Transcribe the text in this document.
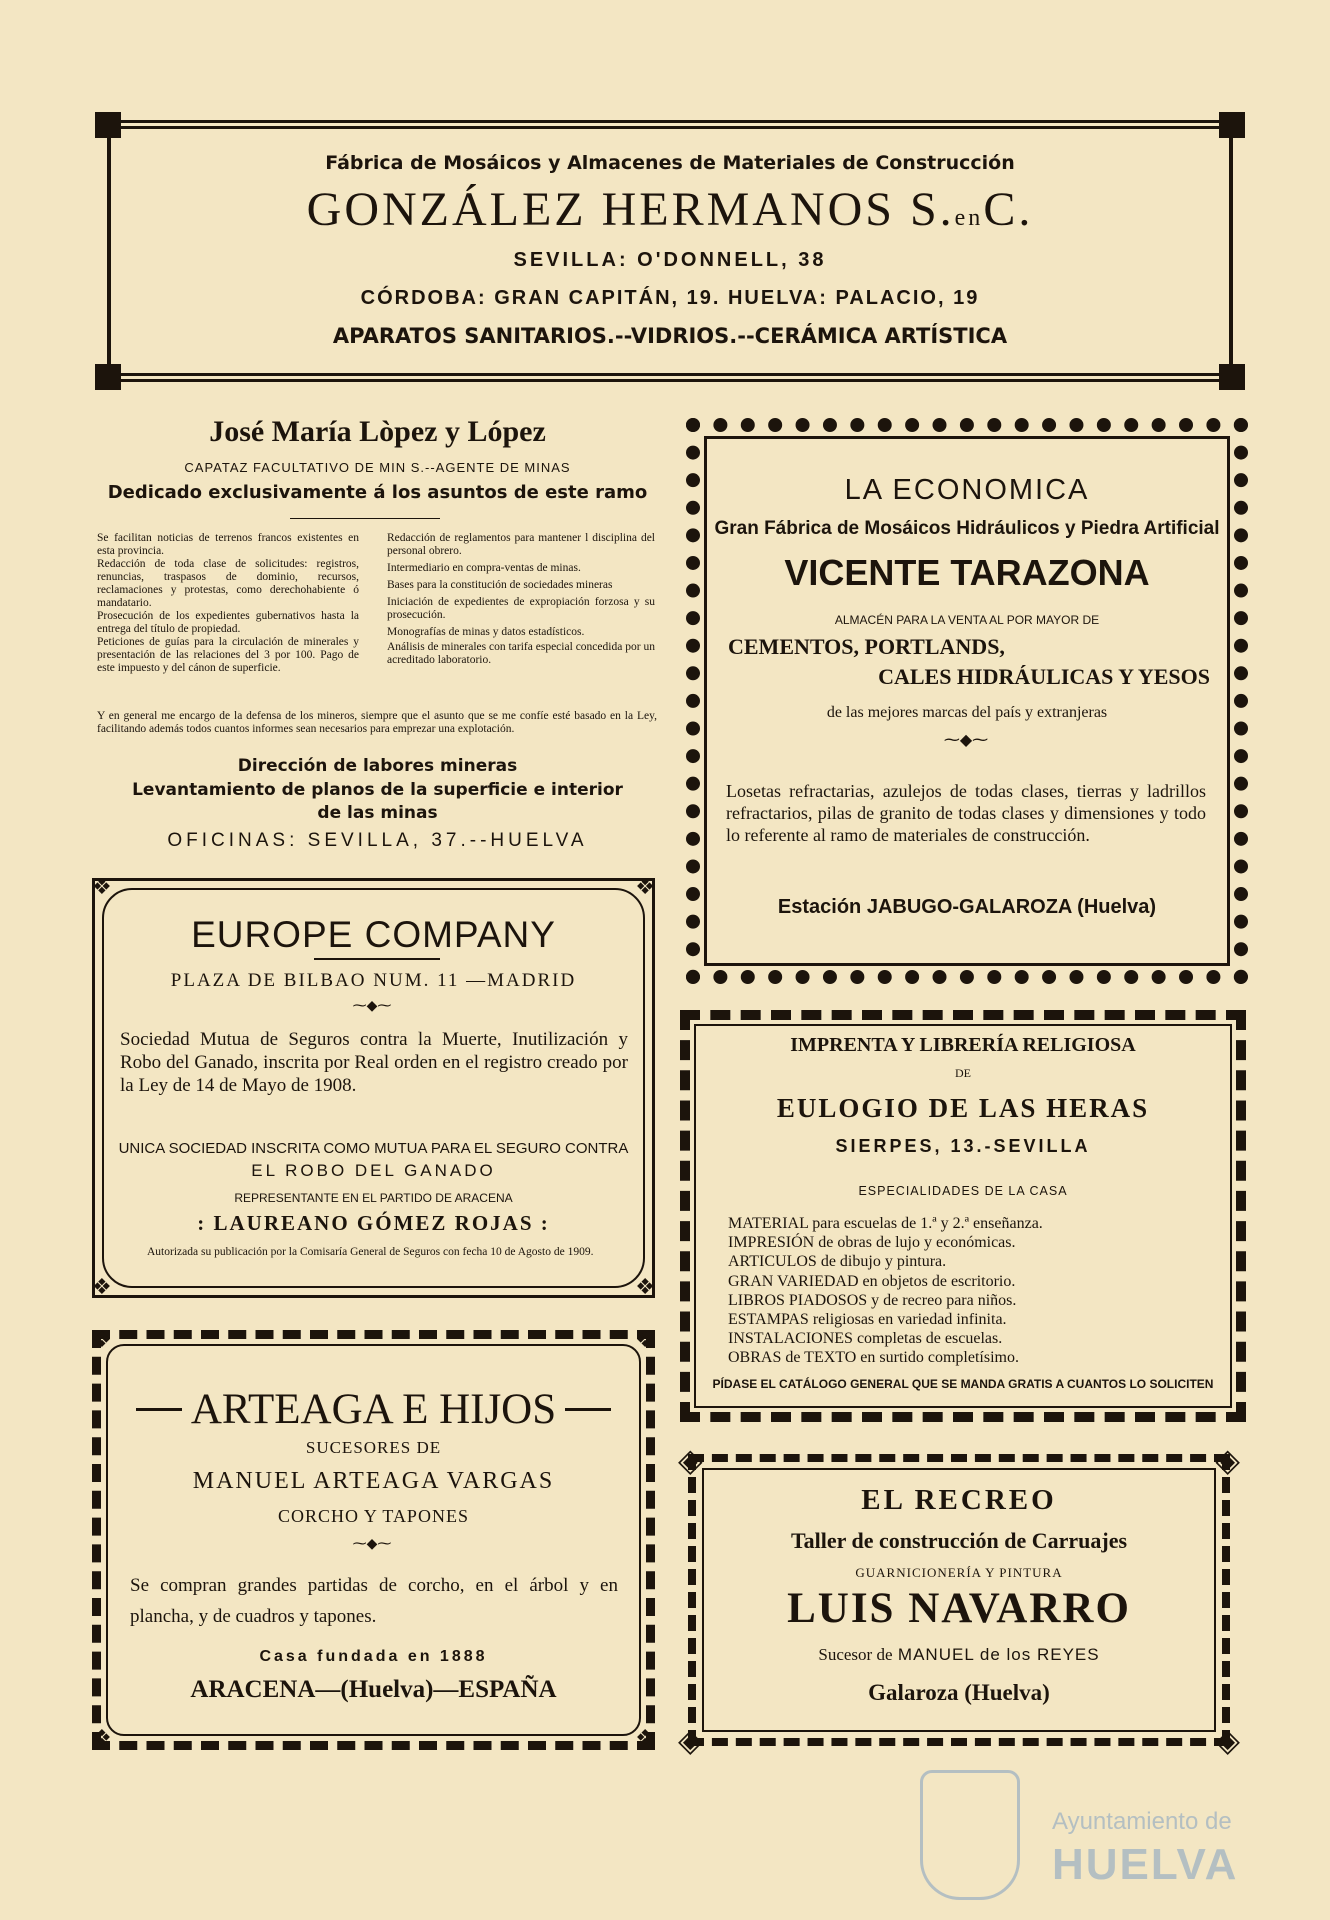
Fábrica de Mosáicos y Almacenes de Materiales de Construcción
GONZÁLEZ HERMANOS S.enC.
SEVILLA: O'DONNELL, 38
CÓRDOBA: GRAN CAPITÁN, 19. HUELVA: PALACIO, 19
APARATOS SANITARIOS.--VIDRIOS.--CERÁMICA ARTÍSTICA
José María Lòpez y López
CAPATAZ FACULTATIVO DE MIN S.--AGENTE DE MINAS
Dedicado exclusivamente á los asuntos de este ramo
Se facilitan noticias de terrenos francos existentes en esta provincia.
Redacción de toda clase de solicitudes: registros, renuncias, traspasos de dominio, recursos, reclamaciones y protestas, como derechohabiente ó mandatario.
Prosecución de los expedientes gubernativos hasta la entrega del título de propiedad.
Peticiones de guías para la circulación de minerales y presentación de las relaciones del 3 por 100. Pago de este impuesto y del cánon de superficie.
Redacción de reglamentos para mantener l disciplina del personal obrero.
Intermediario en compra-ventas de minas.
Bases para la constitución de sociedades mineras
Iniciación de expedientes de expropiación forzosa y su prosecución.
Monografías de minas y datos estadísticos.
Análisis de minerales con tarifa especial concedida por un acreditado laboratorio.
Y en general me encargo de la defensa de los mineros, siempre que el asunto que se me confíe esté basado en la Ley, facilitando además todos cuantos informes sean necesarios para emprezar una explotación.
Dirección de labores mineras
Levantamiento de planos de la superficie e interior
de las minas
OFICINAS: SEVILLA, 37.--HUELVA
LA ECONOMICA
Gran Fábrica de Mosáicos Hidráulicos y Piedra Artificial
VICENTE TARAZONA
ALMACÉN PARA LA VENTA AL POR MAYOR DE
CEMENTOS, PORTLANDS,
CALES HIDRÁULICAS Y YESOS
de las mejores marcas del país y extranjeras
⁓◆⁓
Losetas refractarias, azulejos de todas clases, tierras y ladrillos refractarios, pilas de granito de todas clases y dimensiones y todo lo referente al ramo de materiales de construcción.
Estación JABUGO-GALAROZA (Huelva)
❖	❖
❖	❖
EUROPE COMPANY
PLAZA DE BILBAO NUM. 11 —MADRID
⁓◆⁓
Sociedad Mutua de Seguros contra la Muerte, Inutilización y Robo del Ganado, inscrita por Real orden en el registro creado por la Ley de 14 de Mayo de 1908.
UNICA SOCIEDAD INSCRITA COMO MUTUA PARA EL SEGURO CONTRA
EL ROBO DEL GANADO
REPRESENTANTE EN EL PARTIDO DE ARACENA
: LAUREANO GÓMEZ ROJAS :
Autorizada su publicación por la Comisaría General de Seguros con fecha 10 de Agosto de 1909.
IMPRENTA Y LIBRERÍA RELIGIOSA
DE
EULOGIO DE LAS HERAS
SIERPES, 13.-SEVILLA
ESPECIALIDADES DE LA CASA
MATERIAL para escuelas de 1.ª y 2.ª enseñanza.
IMPRESIÓN de obras de lujo y económicas.
ARTICULOS de dibujo y pintura.
GRAN VARIEDAD en objetos de escritorio.
LIBROS PIADOSOS y de recreo para niños.
ESTAMPAS religiosas en variedad infinita.
INSTALACIONES completas de escuelas.
OBRAS de TEXTO en surtido completísimo.
PÍDASE EL CATÁLOGO GENERAL QUE SE MANDA GRATIS A CUANTOS LO SOLICITEN
❖	❖
❖	❖
ARTEAGA E HIJOS
SUCESORES DE
MANUEL ARTEAGA VARGAS
CORCHO Y TAPONES
⁓◆⁓
Se compran grandes partidas de corcho, en el árbol y en plancha, y de cuadros y tapones.
Casa fundada en 1888
ARACENA—(Huelva)—ESPAÑA
◈	◈
◈	◈
EL RECREO
Taller de construcción de Carruajes
GUARNICIONERÍA Y PINTURA
LUIS NAVARRO
Sucesor de MANUEL de los REYES
Galaroza (Huelva)
Ayuntamiento de
HUELVA
